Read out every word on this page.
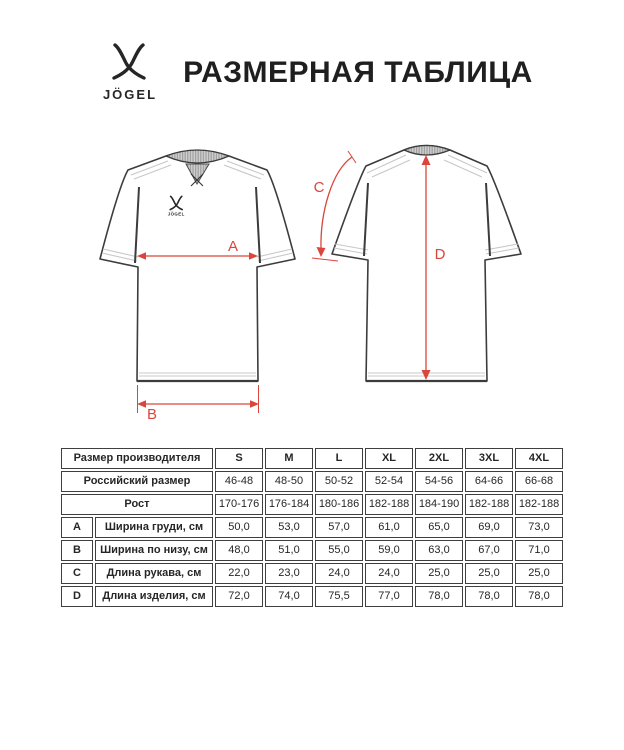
JÖGEL
РАЗМЕРНАЯ ТАБЛИЦА
JÖGEL
A
B
C
D
Размер производителя		S	M	L	XL	2XL	3XL	4XL
Российский размер		46-48	48-50	50-52	52-54	54-56	64-66	66-68
Рост		170-176	176-184	180-186	182-188	184-190	182-188	182-188
A	Ширина груди, см	50,0	53,0	57,0	61,0	65,0	69,0	73,0
B	Ширина по низу, см	48,0	51,0	55,0	59,0	63,0	67,0	71,0
C	Длина рукава, см	22,0	23,0	24,0	24,0	25,0	25,0	25,0
D	Длина изделия, см	72,0	74,0	75,5	77,0	78,0	78,0	78,0
